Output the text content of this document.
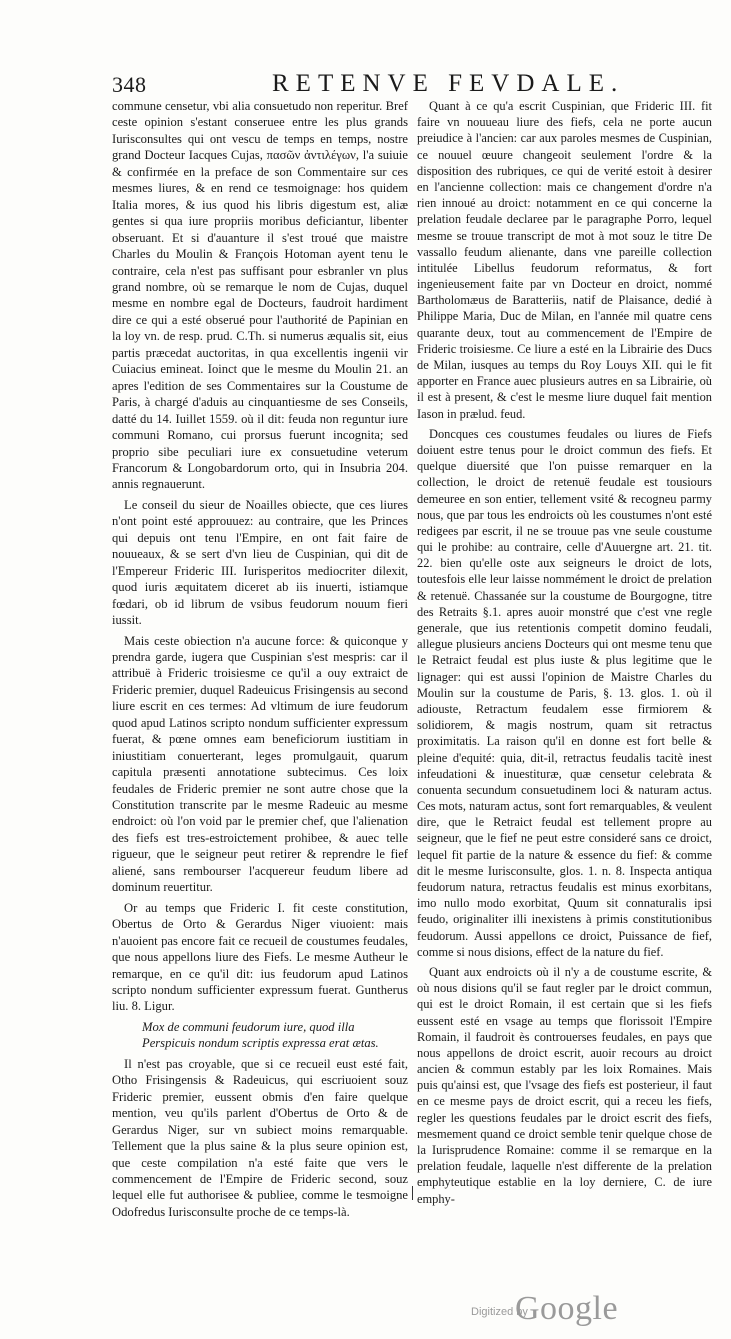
348	RETENVE FEVDALE.

commune censetur, vbi alia consuetudo non reperitur. Bref ceste opinion s'estant conseruee entre les plus grands Iurisconsultes qui ont vescu de temps en temps, nostre grand Docteur Iacques Cujas, πασῶν ἀντιλέγων, l'a suiuie & confirmée en la preface de son Commentaire sur ces mesmes liures, & en rend ce tesmoignage: hos quidem Italia mores, & ius quod his libris digestum est, aliæ gentes si qua iure propriis moribus deficiantur, libenter obseruant. Et si d'auanture il s'est troué que maistre Charles du Moulin & François Hotoman ayent tenu le contraire, cela n'est pas suffisant pour esbranler vn plus grand nombre, où se remarque le nom de Cujas, duquel mesme en nombre egal de Docteurs, faudroit hardiment dire ce qui a esté obserué pour l'authorité de Papinian en la loy vn. de resp. prud. C.Th. si numerus æqualis sit, eius partis præcedat auctoritas, in qua excellentis ingenii vir Cuiacius emineat. Ioinct que le mesme du Moulin 21. an apres l'edition de ses Commentaires sur la Coustume de Paris, à chargé d'aduis au cinquantiesme de ses Conseils, datté du 14. Iuillet 1559. où il dit: feuda non reguntur iure communi Romano, cui prorsus fuerunt incognita; sed proprio sibe peculiari iure ex consuetudine veterum Francorum & Longobardorum orto, qui in Insubria 204. annis regnauerunt.

Le conseil du sieur de Noailles obiecte, que ces liures n'ont point esté approuuez: au contraire, que les Princes qui depuis ont tenu l'Empire, en ont fait faire de nouueaux, & se sert d'vn lieu de Cuspinian, qui dit de l'Empereur Frideric III. Iurisperitos mediocriter dilexit, quod iuris æquitatem diceret ab iis inuerti, istiamque fœdari, ob id librum de vsibus feudorum nouum fieri iussit.

Mais ceste obiection n'a aucune force: & quiconque y prendra garde, iugera que Cuspinian s'est mespris: car il attribuë à Frideric troisiesme ce qu'il a ouy extraict de Frideric premier, duquel Radeuicus Frisingensis au second liure escrit en ces termes: Ad vltimum de iure feudorum quod apud Latinos scripto nondum sufficienter expressum fuerat, & pœne omnes eam beneficiorum iustitiam in iniustitiam conuerterant, leges promulgauit, quarum capitula præsenti annotatione subtecimus. Ces loix feudales de Frideric premier ne sont autre chose que la Constitution transcrite par le mesme Radeuic au mesme endroict: où l'on void par le premier chef, que l'alienation des fiefs est tres-estroictement prohibee, & auec telle rigueur, que le seigneur peut retirer & reprendre le fief aliené, sans rembourser l'acquereur feudum libere ad dominum reuertitur.

Or au temps que Frideric I. fit ceste constitution, Obertus de Orto & Gerardus Niger viuoient: mais n'auoient pas encore fait ce recueil de coustumes feudales, que nous appellons liure des Fiefs. Le mesme Autheur le remarque, en ce qu'il dit: ius feudorum apud Latinos scripto nondum sufficienter expressum fuerat. Guntherus liu. 8. Ligur.

Mox de communi feudorum iure, quod illa

Perspicuis nondum scriptis expressa erat ætas.

Il n'est pas croyable, que si ce recueil eust esté fait, Otho Frisingensis & Radeuicus, qui escriuoient souz Frideric premier, eussent obmis d'en faire quelque mention, veu qu'ils parlent d'Obertus de Orto & de Gerardus Niger, sur vn subiect moins remarquable. Tellement que la plus saine & la plus seure opinion est, que ceste compilation n'a esté faite que vers le commencement de l'Empire de Frideric second, souz lequel elle fut authorisee & publiee, comme le tesmoigne Odofredus Iurisconsulte proche de ce temps-là.

Quant à ce qu'a escrit Cuspinian, que Frideric III. fit faire vn nouueau liure des fiefs, cela ne porte aucun preiudice à l'ancien: car aux paroles mesmes de Cuspinian, ce nouuel œuure changeoit seulement l'ordre & la disposition des rubriques, ce qui de verité estoit à desirer en l'ancienne collection: mais ce changement d'ordre n'a rien innoué au droict: notamment en ce qui concerne la prelation feudale declaree par le paragraphe Porro, lequel mesme se trouue transcript de mot à mot souz le titre De vassallo feudum alienante, dans vne pareille collection intitulée Libellus feudorum reformatus, & fort ingenieusement faite par vn Docteur en droict, nommé Bartholomæus de Baratteriis, natif de Plaisance, dedié à Philippe Maria, Duc de Milan, en l'année mil quatre cens quarante deux, tout au commencement de l'Empire de Frideric troisiesme. Ce liure a esté en la Librairie des Ducs de Milan, iusques au temps du Roy Louys XII. qui le fit apporter en France auec plusieurs autres en sa Librairie, où il est à present, & c'est le mesme liure duquel fait mention Iason in prælud. feud.

Doncques ces coustumes feudales ou liures de Fiefs doiuent estre tenus pour le droict commun des fiefs. Et quelque diuersité que l'on puisse remarquer en la collection, le droict de retenuë feudale est tousiours demeuree en son entier, tellement vsité & recogneu parmy nous, que par tous les endroicts où les coustumes n'ont esté redigees par escrit, il ne se trouue pas vne seule coustume qui le prohibe: au contraire, celle d'Auuergne art. 21. tit. 22. bien qu'elle oste aux seigneurs le droict de lots, toutesfois elle leur laisse nommément le droict de prelation & retenuë. Chassanée sur la coustume de Bourgogne, titre des Retraits §.1. apres auoir monstré que c'est vne regle generale, que ius retentionis competit domino feudali, allegue plusieurs anciens Docteurs qui ont mesme tenu que le Retraict feudal est plus iuste & plus legitime que le lignager: qui est aussi l'opinion de Maistre Charles du Moulin sur la coustume de Paris, §. 13. glos. 1. où il adiouste, Retractum feudalem esse firmiorem & solidiorem, & magis nostrum, quam sit retractus proximitatis. La raison qu'il en donne est fort belle & pleine d'equité: quia, dit-il, retractus feudalis tacitè inest infeudationi & inuestituræ, quæ censetur celebrata & conuenta secundum consuetudinem loci & naturam actus. Ces mots, naturam actus, sont fort remarquables, & veulent dire, que le Retraict feudal est tellement propre au seigneur, que le fief ne peut estre consideré sans ce droict, lequel fit partie de la nature & essence du fief: & comme dit le mesme Iurisconsulte, glos. 1. n. 8. Inspecta antiqua feudorum natura, retractus feudalis est minus exorbitans, imo nullo modo exorbitat, Quum sit connaturalis ipsi feudo, originaliter illi inexistens à primis constitutionibus feudorum. Aussi appellons ce droict, Puissance de fief, comme si nous disions, effect de la nature du fief.

Quant aux endroicts où il n'y a de coustume escrite, & où nous disions qu'il se faut regler par le droict commun, qui est le droict Romain, il est certain que si les fiefs eussent esté en vsage au temps que florissoit l'Empire Romain, il faudroit ès controuerses feudales, en pays que nous appellons de droict escrit, auoir recours au droict ancien & commun estably par les loix Romaines. Mais puis qu'ainsi est, que l'vsage des fiefs est posterieur, il faut en ce mesme pays de droict escrit, qui a receu les fiefs, regler les questions feudales par le droict escrit des fiefs, mesmement quand ce droict semble tenir quelque chose de la Iurisprudence Romaine: comme il se remarque en la prelation feudale, laquelle n'est differente de la prelation emphyteutique establie en la loy derniere, C. de iure emphy-

Digitized by
Google
